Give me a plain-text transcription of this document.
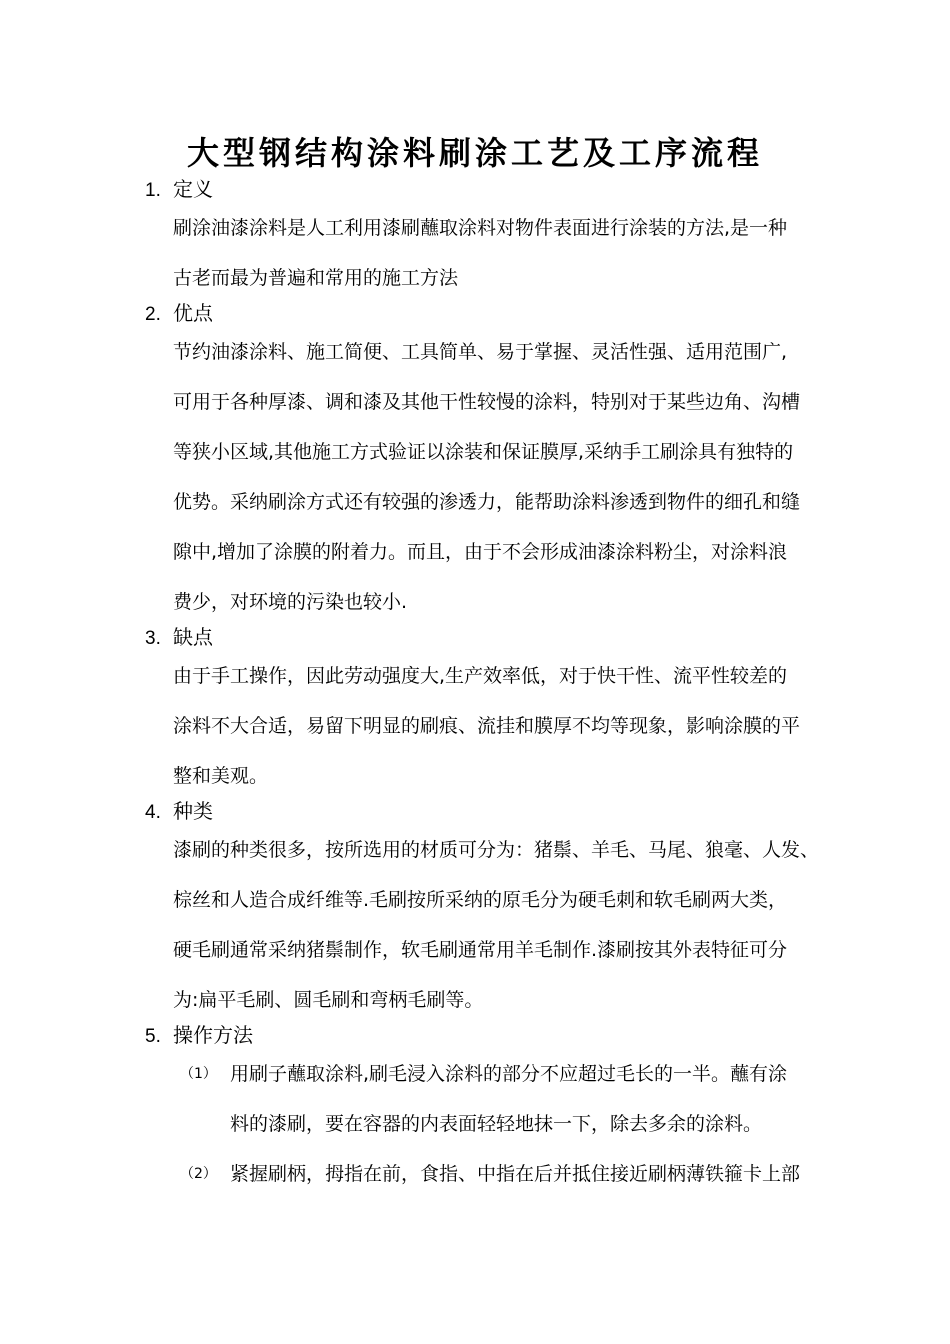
大型钢结构涂料刷涂工艺及工序流程
1. 定义
刷涂油漆涂料是人工利用漆刷蘸取涂料对物件表面进行涂装的方法,是一种
古老而最为普遍和常用的施工方法
2. 优点
节约油漆涂料、施工简便、工具简单、易于掌握、灵活性强、适用范围广,
可用于各种厚漆、调和漆及其他干性较慢的涂料，特别对于某些边角、沟槽
等狭小区域,其他施工方式验证以涂装和保证膜厚,采纳手工刷涂具有独特的
优势。采纳刷涂方式还有较强的渗透力，能帮助涂料渗透到物件的细孔和缝
隙中,增加了涂膜的附着力。而且，由于不会形成油漆涂料粉尘，对涂料浪
费少，对环境的污染也较小.
3. 缺点
由于手工操作，因此劳动强度大,生产效率低，对于快干性、流平性较差的
涂料不大合适，易留下明显的刷痕、流挂和膜厚不均等现象，影响涂膜的平
整和美观。
4. 种类
漆刷的种类很多，按所选用的材质可分为：猪鬃、羊毛、马尾、狼毫、人发、
棕丝和人造合成纤维等.毛刷按所采纳的原毛分为硬毛刺和软毛刷两大类，
硬毛刷通常采纳猪鬃制作，软毛刷通常用羊毛制作.漆刷按其外表特征可分
为:扁平毛刷、圆毛刷和弯柄毛刷等。
5. 操作方法
（1） 用刷子蘸取涂料,刷毛浸入涂料的部分不应超过毛长的一半。蘸有涂
料的漆刷，要在容器的内表面轻轻地抹一下，除去多余的涂料。
（2） 紧握刷柄，拇指在前，食指、中指在后并抵住接近刷柄薄铁箍卡上部
